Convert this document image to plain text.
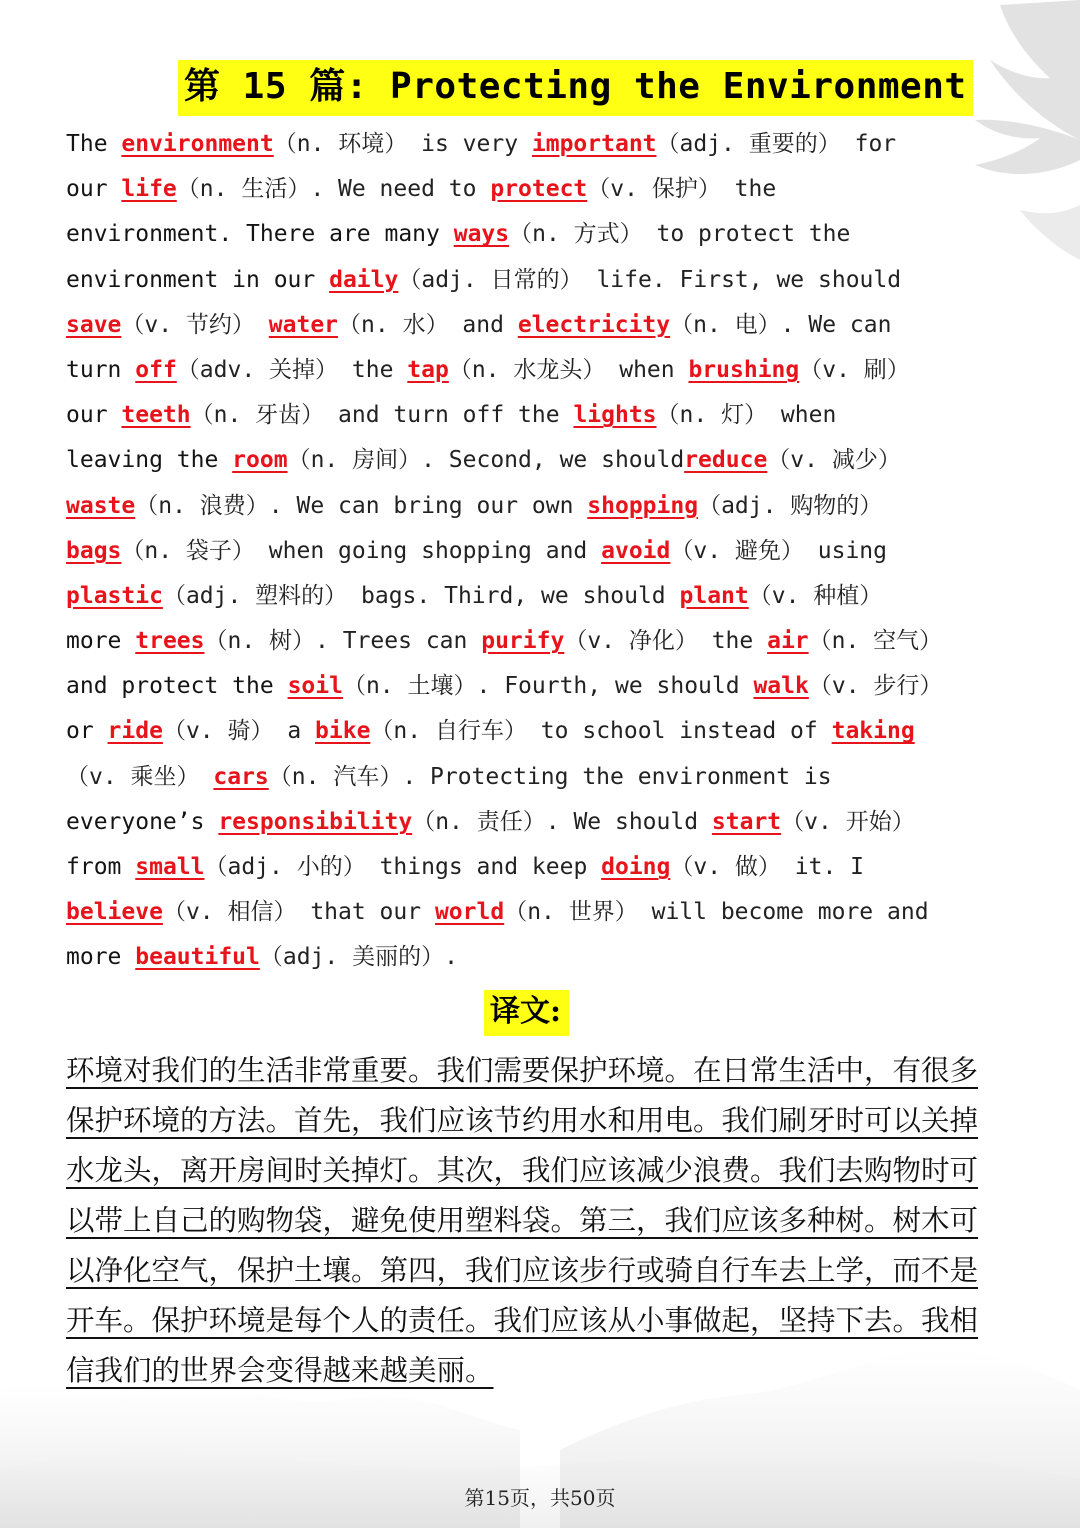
第 15 篇: Protecting the Environment
The environment（n. 环境） is very important（adj. 重要的） for
our life（n. 生活）. We need to protect（v. 保护） the
environment. There are many ways（n. 方式） to protect the
environment in our daily（adj. 日常的） life. First, we should
save（v. 节约） water（n. 水） and electricity（n. 电）. We can
turn off（adv. 关掉） the tap（n. 水龙头） when brushing（v. 刷）
our teeth（n. 牙齿） and turn off the lights（n. 灯） when
leaving the room（n. 房间）. Second, we shouldreduce（v. 减少）
waste（n. 浪费）. We can bring our own shopping（adj. 购物的）
bags（n. 袋子） when going shopping and avoid（v. 避免） using
plastic（adj. 塑料的） bags. Third, we should plant（v. 种植）
more trees（n. 树）. Trees can purify（v. 净化） the air（n. 空气）
and protect the soil（n. 土壤）. Fourth, we should walk（v. 步行）
or ride（v. 骑） a bike（n. 自行车） to school instead of taking
（v. 乘坐） cars（n. 汽车）. Protecting the environment is
everyone’s responsibility（n. 责任）. We should start（v. 开始）
from small（adj. 小的） things and keep doing（v. 做） it. I
believe（v. 相信） that our world（n. 世界） will become more and
more beautiful（adj. 美丽的）.
译文:
环境对我们的生活非常重要。我们需要保护环境。在日常生活中，有很多
保护环境的方法。首先，我们应该节约用水和用电。我们刷牙时可以关掉
水龙头，离开房间时关掉灯。其次，我们应该减少浪费。我们去购物时可
以带上自己的购物袋，避免使用塑料袋。第三，我们应该多种树。树木可
以净化空气，保护土壤。第四，我们应该步行或骑自行车去上学，而不是
开车。保护环境是每个人的责任。我们应该从小事做起，坚持下去。我相
信我们的世界会变得越来越美丽。
第15页，共50页
